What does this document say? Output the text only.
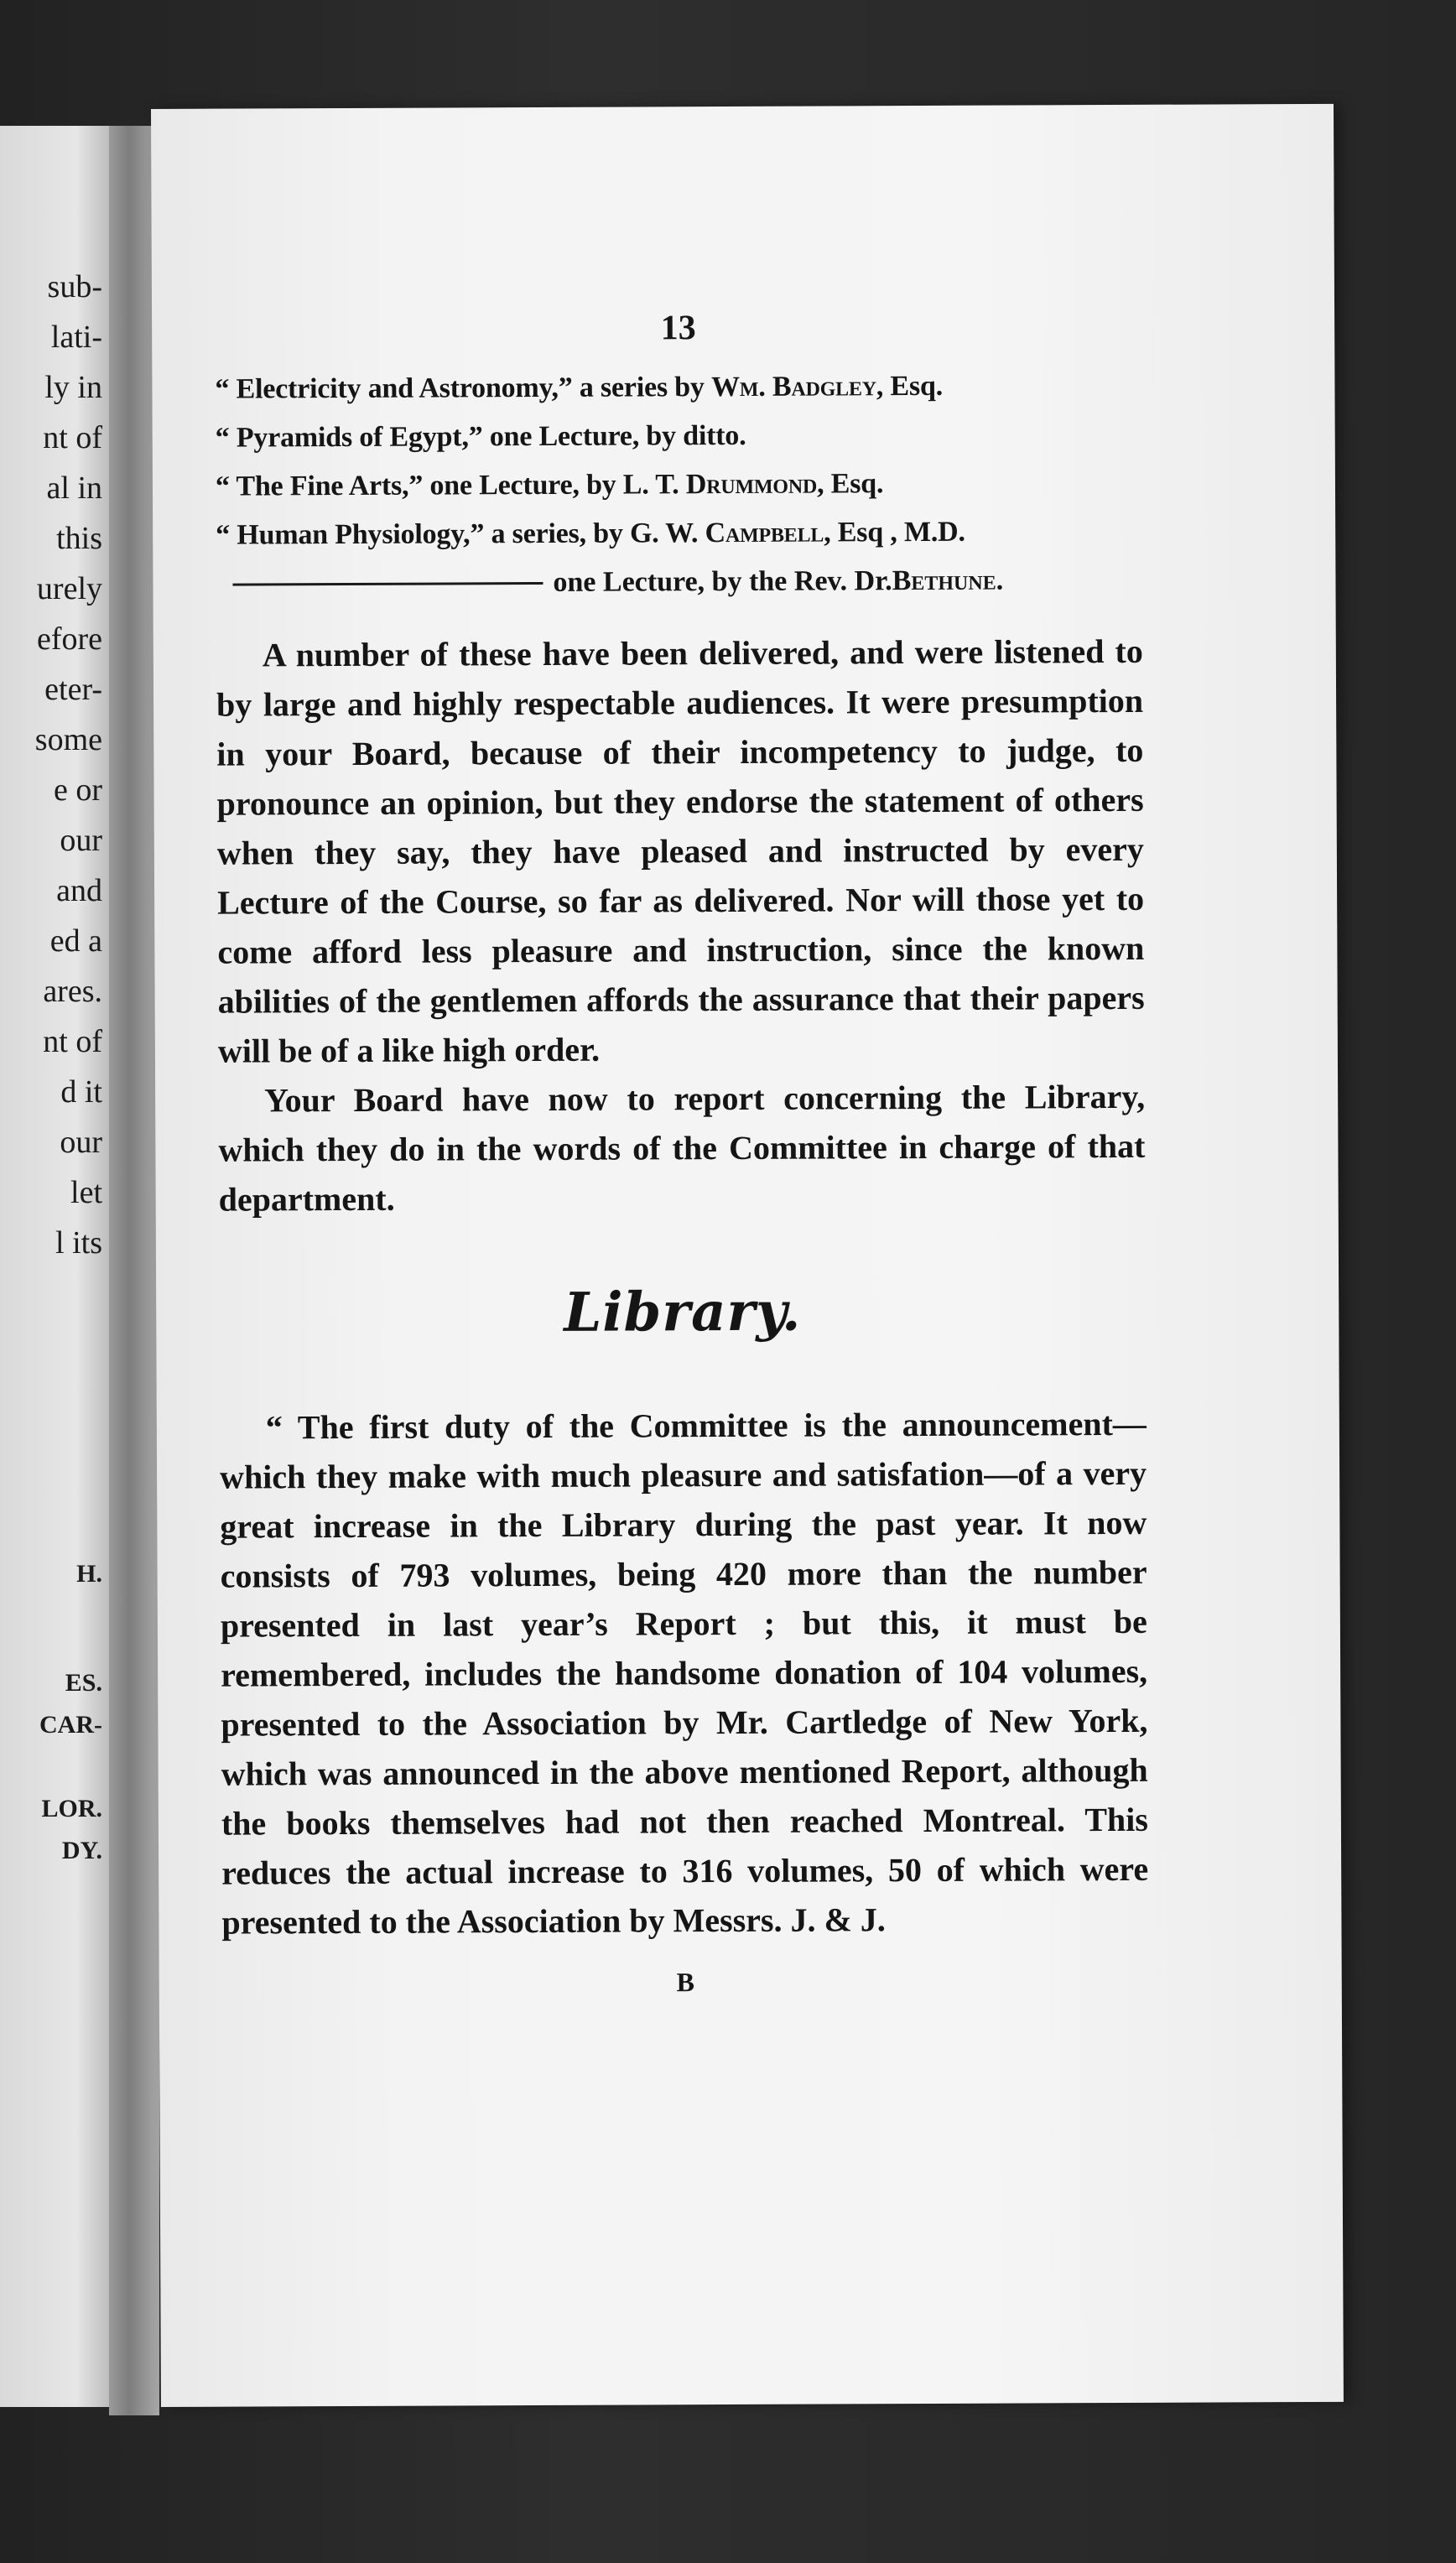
sub-
lati-
ly in
nt of
al in
this
urely
efore
eter-
some
e or
our
and
ed a
ares.
nt of
d it
our
let
l its
H.
ES.
CAR-
LOR.
DY.
13
“ Electricity and Astronomy,” a series by Wm. Badgley, Esq.
“ Pyramids of Egypt,” one Lecture, by ditto.
“ The Fine Arts,” one Lecture, by L. T. Drummond, Esq.
“ Human Physiology,” a series, by G. W. Campbell, Esq , M.D.
one Lecture, by the Rev. Dr. Bethune .

A number of these have been delivered, and were listened to by large and highly respectable audiences. It were presumption in your Board, because of their incompetency to judge, to pronounce an opinion, but they endorse the statement of others when they say, they have pleased and instructed by every Lecture of the Course, so far as delivered. Nor will those yet to come afford less pleasure and instruction, since the known abilities of the gentlemen affords the assurance that their papers will be of a like high order.

Your Board have now to report concerning the Library, which they do in the words of the Committee in charge of that department.

Library.

“ The first duty of the Committee is the announcement—which they make with much pleasure and satisfation—of a very great increase in the Library during the past year. It now consists of 793 volumes, being 420 more than the number presented in last year’s Report ; but this, it must be remembered, includes the handsome donation of 104 volumes, presented to the Association by Mr. Cartledge of New York, which was announced in the above mentioned Report, although the books themselves had not then reached Montreal. This reduces the actual increase to 316 volumes, 50 of which were presented to the Association by Messrs. J. & J.

B
